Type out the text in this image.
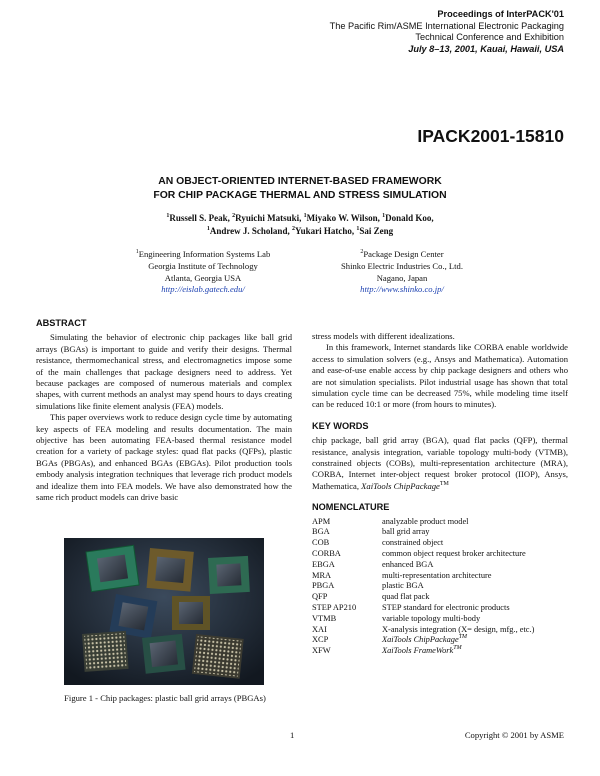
Proceedings of InterPACK'01
The Pacific Rim/ASME International Electronic Packaging
Technical Conference and Exhibition
July 8–13, 2001, Kauai, Hawaii, USA
IPACK2001-15810
AN OBJECT-ORIENTED INTERNET-BASED FRAMEWORK
FOR CHIP PACKAGE THERMAL AND STRESS SIMULATION
$^1$Russell S. Peak, $^2$Ryuichi Matsuki, $^1$Miyako W. Wilson, $^1$Donald Koo,
$^1$Andrew J. Scholand, $^2$Yukari Hatcho, $^1$Sai Zeng
$^1$Engineering Information Systems Lab
Georgia Institute of Technology
Atlanta, Georgia USA
http://eislab.gatech.edu/
$^2$Package Design Center
Shinko Electric Industries Co., Ltd.
Nagano, Japan
http://www.shinko.co.jp/
ABSTRACT

Simulating the behavior of electronic chip packages like ball grid arrays (BGAs) is important to guide and verify their designs. Thermal resistance, thermomechanical stress, and electromagnetics impose some of the main challenges that package designers need to address. Yet because packages are composed of numerous materials and complex shapes, with current methods an analyst may spend hours to days creating simulations like finite element analysis (FEA) models.

This paper overviews work to reduce design cycle time by automating key aspects of FEA modeling and results documentation. The main objective has been automating FEA-based thermal resistance model creation for a variety of package styles: quad flat packs (QFPs), plastic BGAs (PBGAs), and enhanced BGAs (EBGAs). Pilot production tools embody analysis integration techniques that leverage rich product models and idealize them into FEA models. We have also demonstrated how the same rich product models can drive basic

Figure 1 - Chip packages: plastic ball grid arrays (PBGAs)

stress models with different idealizations.

In this framework, Internet standards like CORBA enable worldwide access to simulation solvers (e.g., Ansys and Mathematica). Automation and ease-of-use enable access by chip package designers and others who are not simulation specialists. Pilot industrial usage has shown that total simulation cycle time can be decreased 75%, while modeling time itself can be reduced 10:1 or more (from hours to minutes).

KEY WORDS

chip package, ball grid array (BGA), quad flat packs (QFP), thermal resistance, analysis integration, variable topology multi-body (VTMB), constrained objects (COBs), multi-representation architecture (MRA), CORBA, Internet inter-object request broker protocol (IIOP), Ansys, Mathematica, XaiTools ChipPackage™

NOMENCLATURE
APM	analyzable product model
BGA	ball grid array
COB	constrained object
CORBA	common object request broker architecture
EBGA	enhanced BGA
MRA	multi-representation architecture
PBGA	plastic BGA
QFP	quad flat pack
STEP AP210	STEP standard for electronic products
VTMB	variable topology multi-body
XAI	X-analysis integration (X= design, mfg., etc.)
XCP	XaiTools ChipPackage™
XFW	XaiTools FrameWork™
1	Copyright © 2001 by ASME
